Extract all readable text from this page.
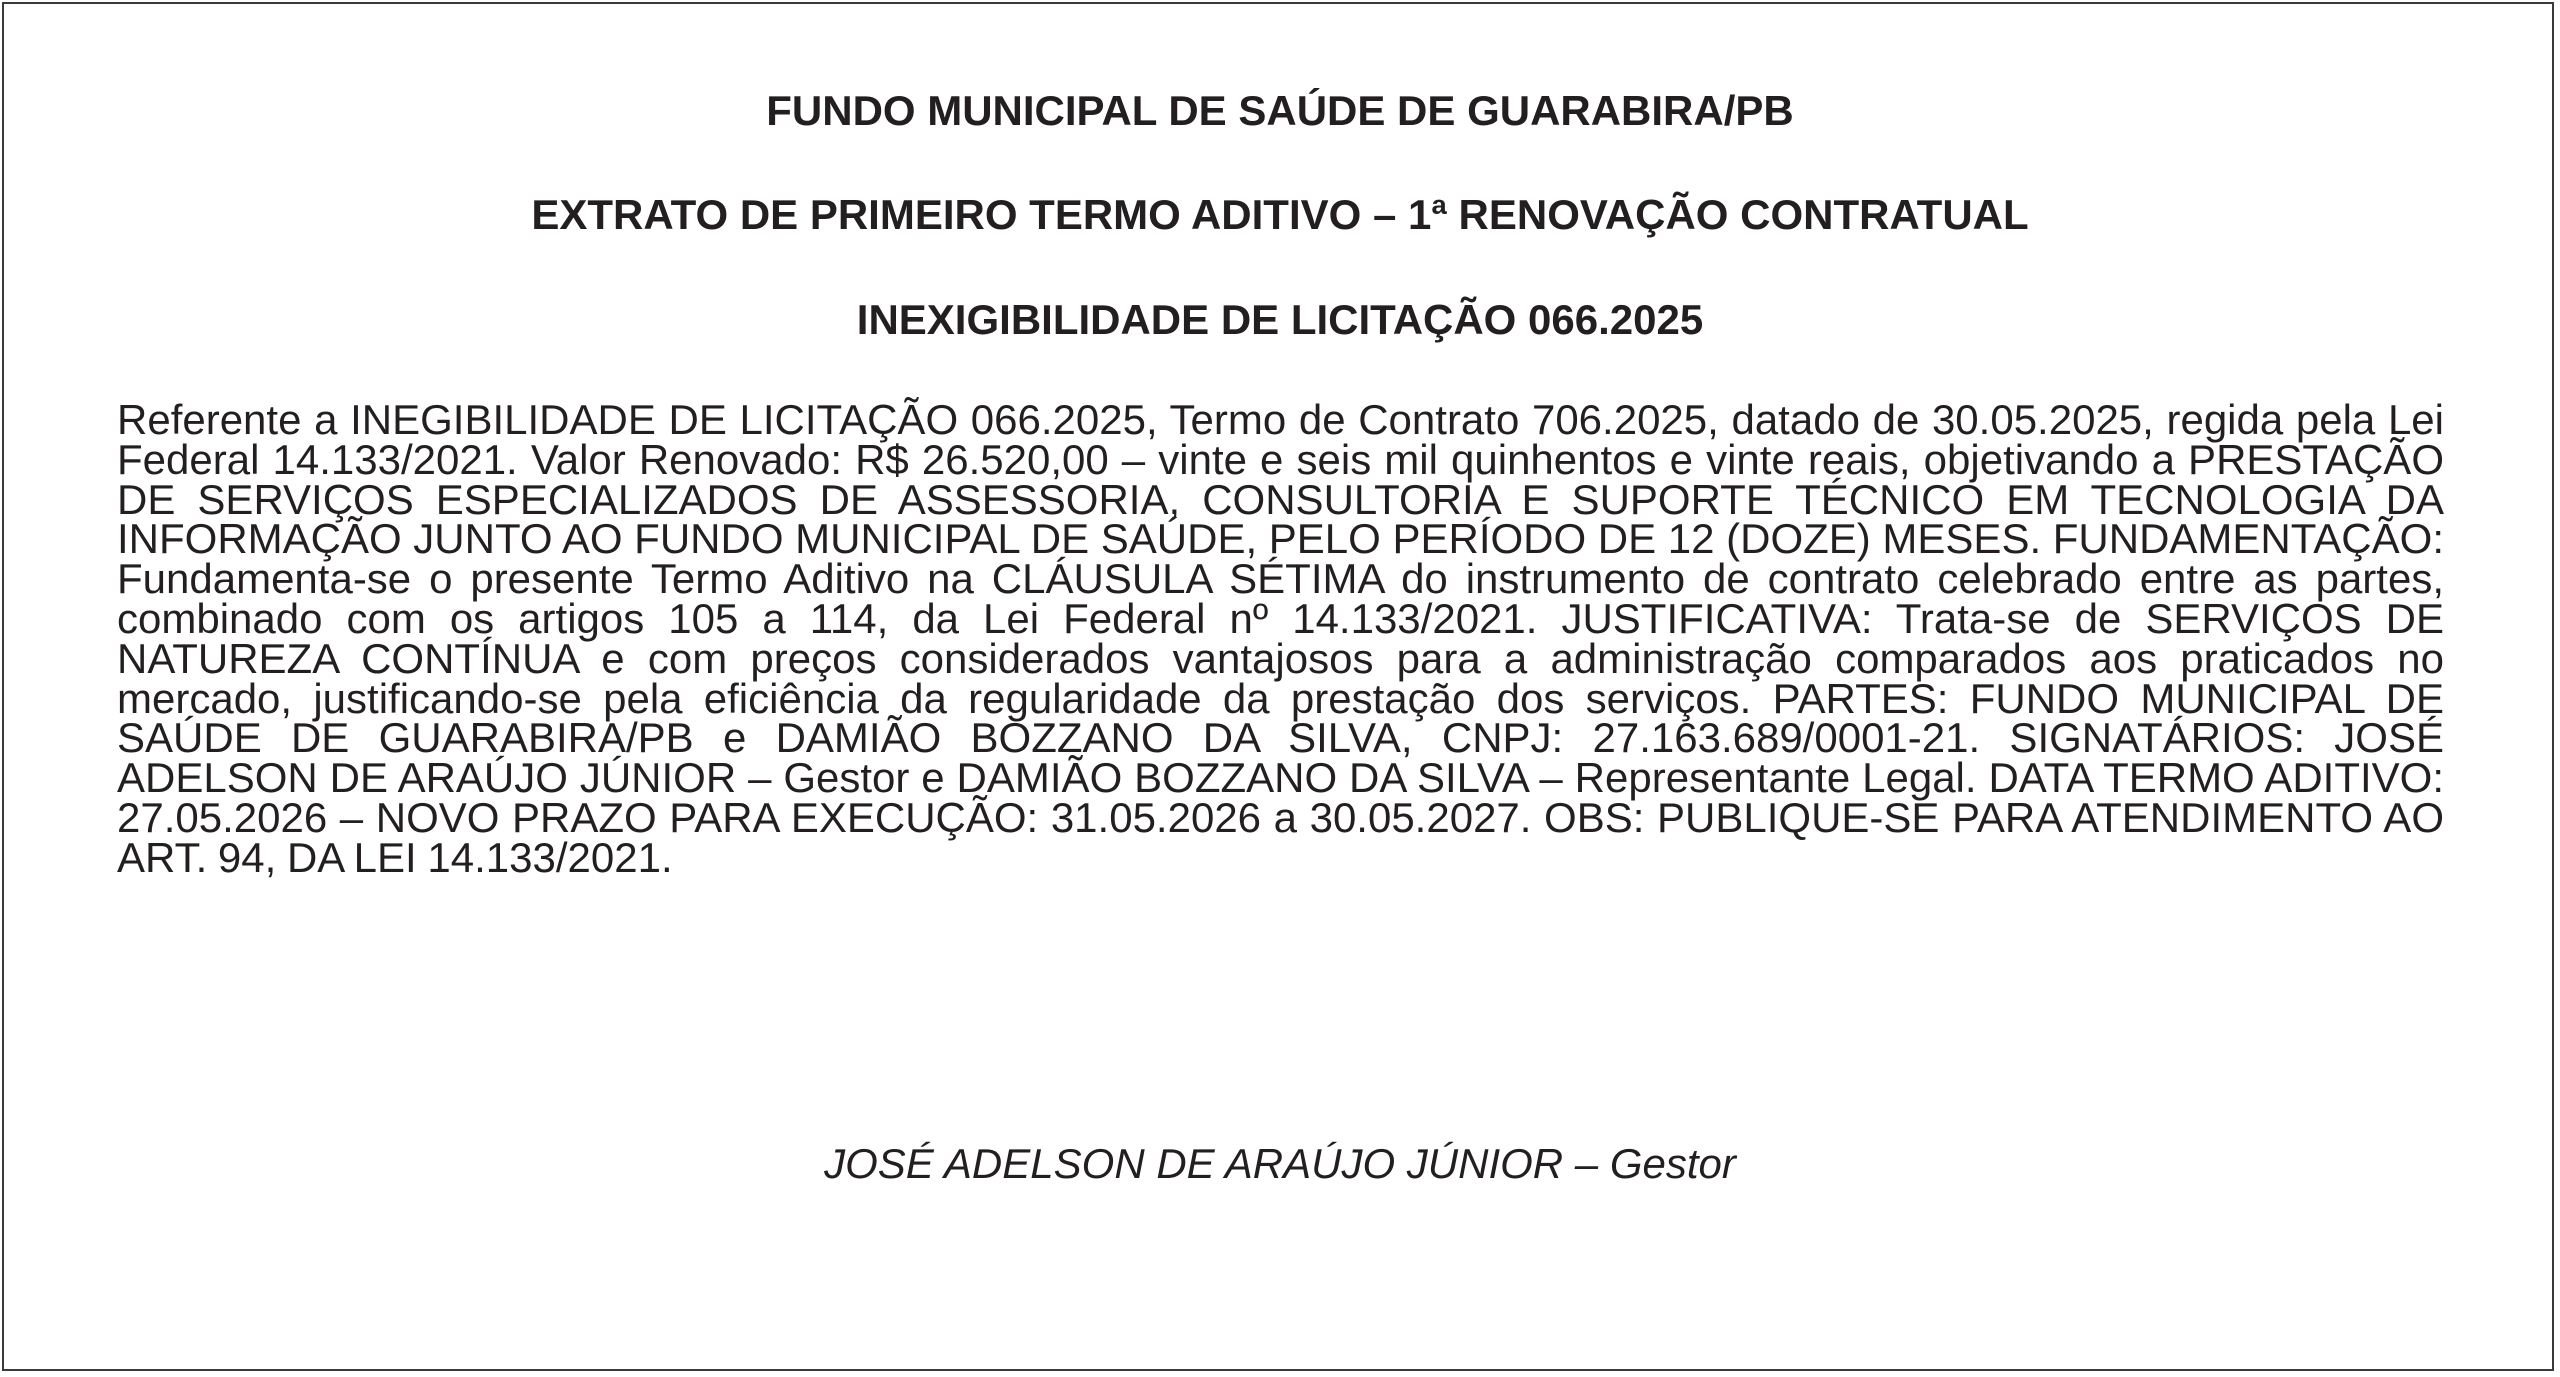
FUNDO MUNICIPAL DE SAÚDE DE GUARABIRA/PB
EXTRATO DE PRIMEIRO TERMO ADITIVO – 1ª RENOVAÇÃO CONTRATUAL
INEXIGIBILIDADE DE LICITAÇÃO 066.2025
Referente a INEGIBILIDADE DE LICITAÇÃO 066.2025, Termo de Contrato 706.2025, datado de 30.05.2025, regida pela Lei Federal 14.133/2021. Valor Renovado: R$ 26.520,00 – vinte e seis mil quinhentos e vinte reais, objetivando a PRESTAÇÃO DE SERVIÇOS ESPECIALIZADOS DE ASSESSORIA, CONSULTORIA E SUPORTE TÉCNICO EM TECNOLOGIA DA INFORMAÇÃO JUNTO AO FUNDO MUNICIPAL DE SAÚDE, PELO PERÍODO DE 12 (DOZE) MESES. FUNDAMENTAÇÃO: Fundamenta-se o presente Termo Aditivo na CLÁUSULA SÉTIMA do instrumento de contrato celebrado entre as partes, combinado com os artigos 105 a 114, da Lei Federal nº 14.133/2021. JUSTIFICATIVA: Trata-se de SERVIÇOS DE NATUREZA CONTÍNUA e com preços considerados vantajosos para a administração comparados aos praticados no mercado, justificando-se pela eficiência da regularidade da prestação dos serviços. PARTES: FUNDO MUNICIPAL DE SAÚDE DE GUARABIRA/PB e DAMIÃO BOZZANO DA SILVA, CNPJ: 27.163.689/0001-21. SIGNATÁRIOS: JOSÉ ADELSON DE ARAÚJO JÚNIOR – Gestor e DAMIÃO BOZZANO DA SILVA – Representante Legal. DATA TERMO ADITIVO: 27.05.2026 – NOVO PRAZO PARA EXECUÇÃO: 31.05.2026 a 30.05.2027. OBS: PUBLIQUE-SE PARA ATENDIMENTO AO ART. 94, DA LEI 14.133/2021.
JOSÉ ADELSON DE ARAÚJO JÚNIOR – Gestor
